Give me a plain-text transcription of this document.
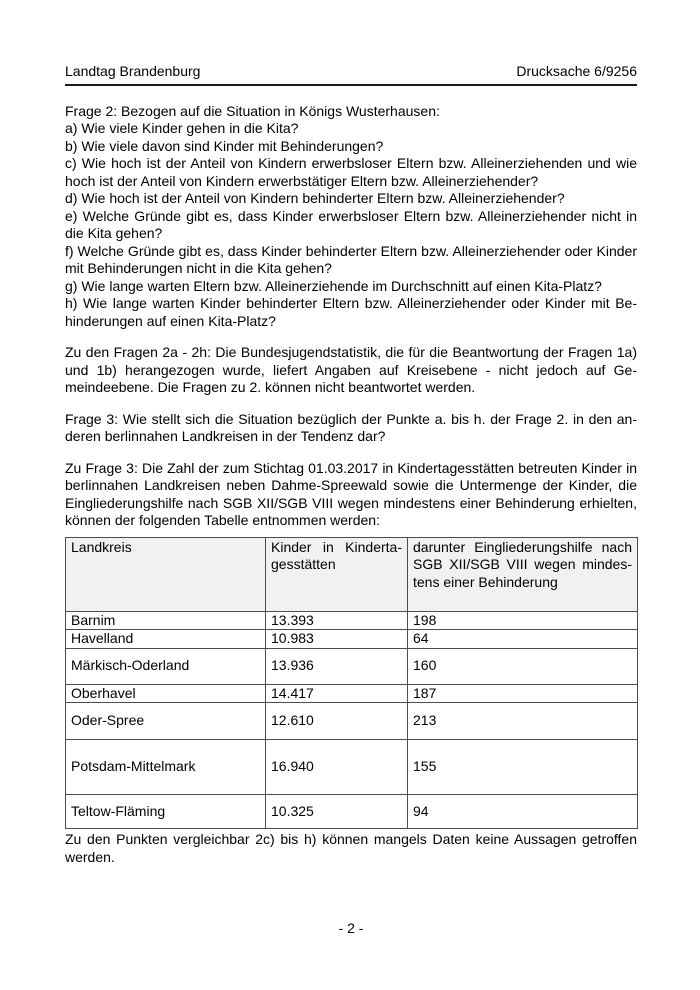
Landtag Brandenburg	Drucksache 6/9256

Frage 2: Bezogen auf die Situation in Königs Wusterhausen:

a) Wie viele Kinder gehen in die Kita?

b) Wie viele davon sind Kinder mit Behinderungen?

c) Wie hoch ist der Anteil von Kindern erwerbsloser Eltern bzw. Alleinerziehenden und wie hoch ist der Anteil von Kindern erwerbstätiger Eltern bzw. Alleinerziehender?

d) Wie hoch ist der Anteil von Kindern behinderter Eltern bzw. Alleinerziehender?

e) Welche Gründe gibt es, dass Kinder erwerbsloser Eltern bzw. Alleinerziehender nicht in die Kita gehen?

f) Welche Gründe gibt es, dass Kinder behinderter Eltern bzw. Alleinerziehender oder Kinder mit Behinderungen nicht in die Kita gehen?

g) Wie lange warten Eltern bzw. Alleinerziehende im Durchschnitt auf einen Kita-Platz?

h) Wie lange warten Kinder behinderter Eltern bzw. Alleinerziehender oder Kinder mit Behinderungen auf einen Kita-Platz?

Zu den Fragen 2a - 2h: Die Bundesjugendstatistik, die für die Beantwortung der Fragen 1a) und 1b) herangezogen wurde, liefert Angaben auf Kreisebene - nicht jedoch auf Gemeindeebene. Die Fragen zu 2. können nicht beantwortet werden.

Frage 3: Wie stellt sich die Situation bezüglich der Punkte a. bis h. der Frage 2. in den anderen berlinnahen Landkreisen in der Tendenz dar?

Zu Frage 3: Die Zahl der zum Stichtag 01.03.2017 in Kindertagesstätten betreuten Kinder in berlinnahen Landkreisen neben Dahme-Spreewald sowie die Untermenge der Kinder, die Eingliederungshilfe nach SGB XII/SGB VIII wegen mindestens einer Behinderung erhielten, können der folgenden Tabelle entnommen werden:

Landkreis	Kinder in Kindertagesstätten	darunter Eingliederungshilfe nach SGB XII/SGB VIII wegen mindestens einer Behinderung
Barnim	13.393	198
Havelland	10.983	64
Märkisch-Oderland	13.936	160
Oberhavel	14.417	187
Oder-Spree	12.610	213
Potsdam-Mittelmark	16.940	155
Teltow-Fläming	10.325	94

Zu den Punkten vergleichbar 2c) bis h) können mangels Daten keine Aussagen getroffen werden.

- 2 -
